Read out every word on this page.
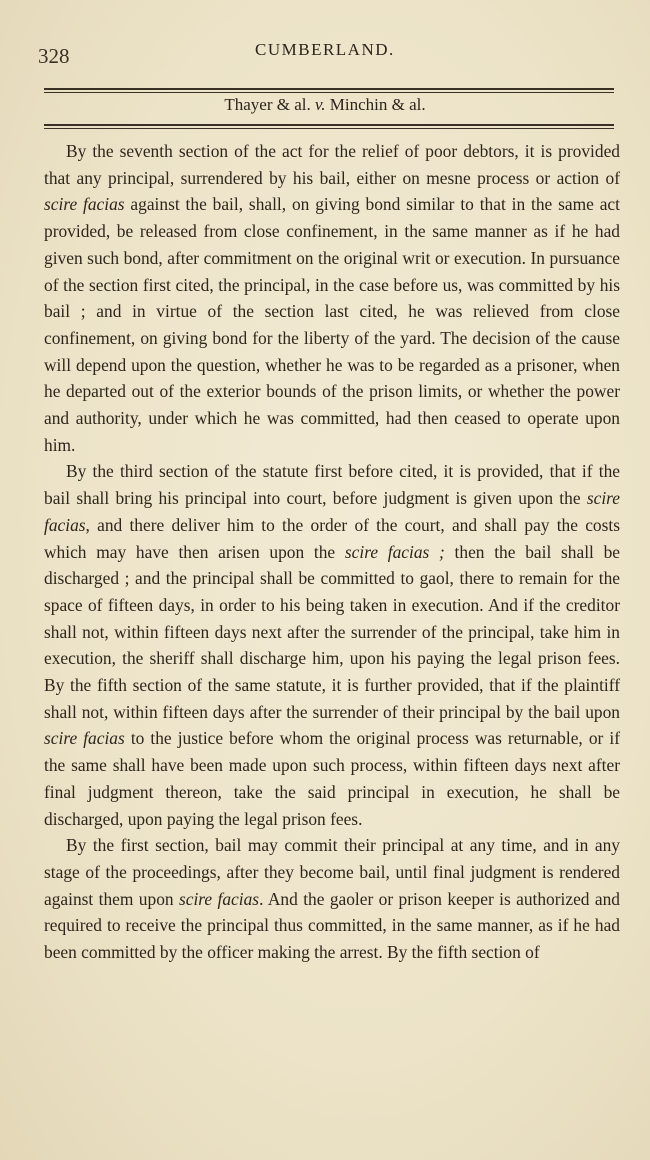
328	CUMBERLAND.
Thayer & al. v. Minchin & al.

By the seventh section of the act for the relief of poor debtors, it is provided that any principal, surrendered by his bail, either on mesne process or action of scire facias against the bail, shall, on giving bond similar to that in the same act provided, be released from close confinement, in the same manner as if he had given such bond, after commitment on the original writ or execution. In pursuance of the section first cited, the principal, in the case before us, was committed by his bail ; and in virtue of the section last cited, he was relieved from close confinement, on giving bond for the liberty of the yard. The decision of the cause will depend upon the question, whether he was to be regarded as a prisoner, when he departed out of the exterior bounds of the prison limits, or whether the power and authority, under which he was committed, had then ceased to operate upon him.

By the third section of the statute first before cited, it is provided, that if the bail shall bring his principal into court, before judgment is given upon the scire facias, and there deliver him to the order of the court, and shall pay the costs which may have then arisen upon the scire facias ; then the bail shall be discharged ; and the principal shall be committed to gaol, there to remain for the space of fifteen days, in order to his being taken in execution. And if the creditor shall not, within fifteen days next after the surrender of the principal, take him in execution, the sheriff shall discharge him, upon his paying the legal prison fees. By the fifth section of the same statute, it is further provided, that if the plaintiff shall not, within fifteen days after the surrender of their principal by the bail upon scire facias to the justice before whom the original process was returnable, or if the same shall have been made upon such process, within fifteen days next after final judgment thereon, take the said principal in execution, he shall be discharged, upon paying the legal prison fees.

By the first section, bail may commit their principal at any time, and in any stage of the proceedings, after they become bail, until final judgment is rendered against them upon scire facias. And the gaoler or prison keeper is authorized and required to receive the principal thus committed, in the same manner, as if he had been committed by the officer making the arrest. By the fifth section of
